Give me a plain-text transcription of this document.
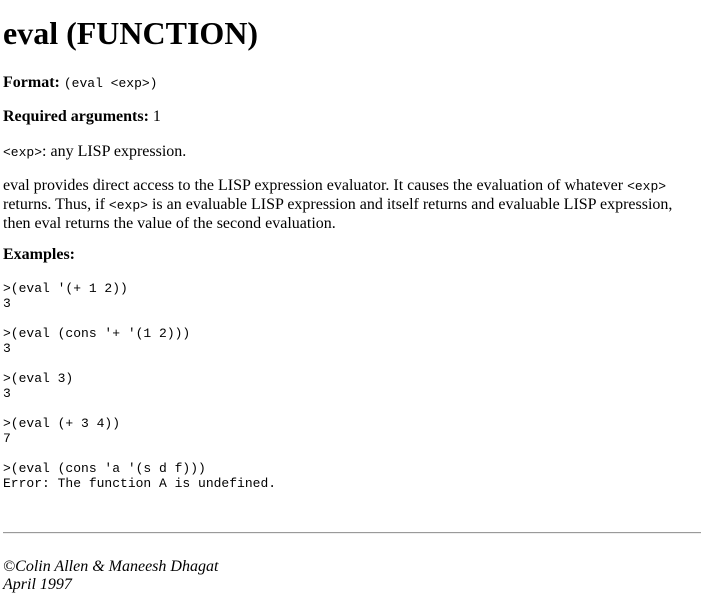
eval (FUNCTION)
Format: (eval <exp>)
Required arguments: 1
<exp>: any LISP expression.
eval provides direct access to the LISP expression evaluator. It causes the evaluation of whatever <exp> returns. Thus, if <exp> is an evaluable LISP expression and itself returns and evaluable LISP expression, then eval returns the value of the second evaluation.
Examples:
>(eval '(+ 1 2))
3
>(eval (cons '+ '(1 2)))
3
>(eval 3)
3
>(eval (+ 3 4))
7
>(eval (cons 'a '(s d f)))
Error: The function A is undefined.
©Colin Allen & Maneesh Dhagat
April 1997
